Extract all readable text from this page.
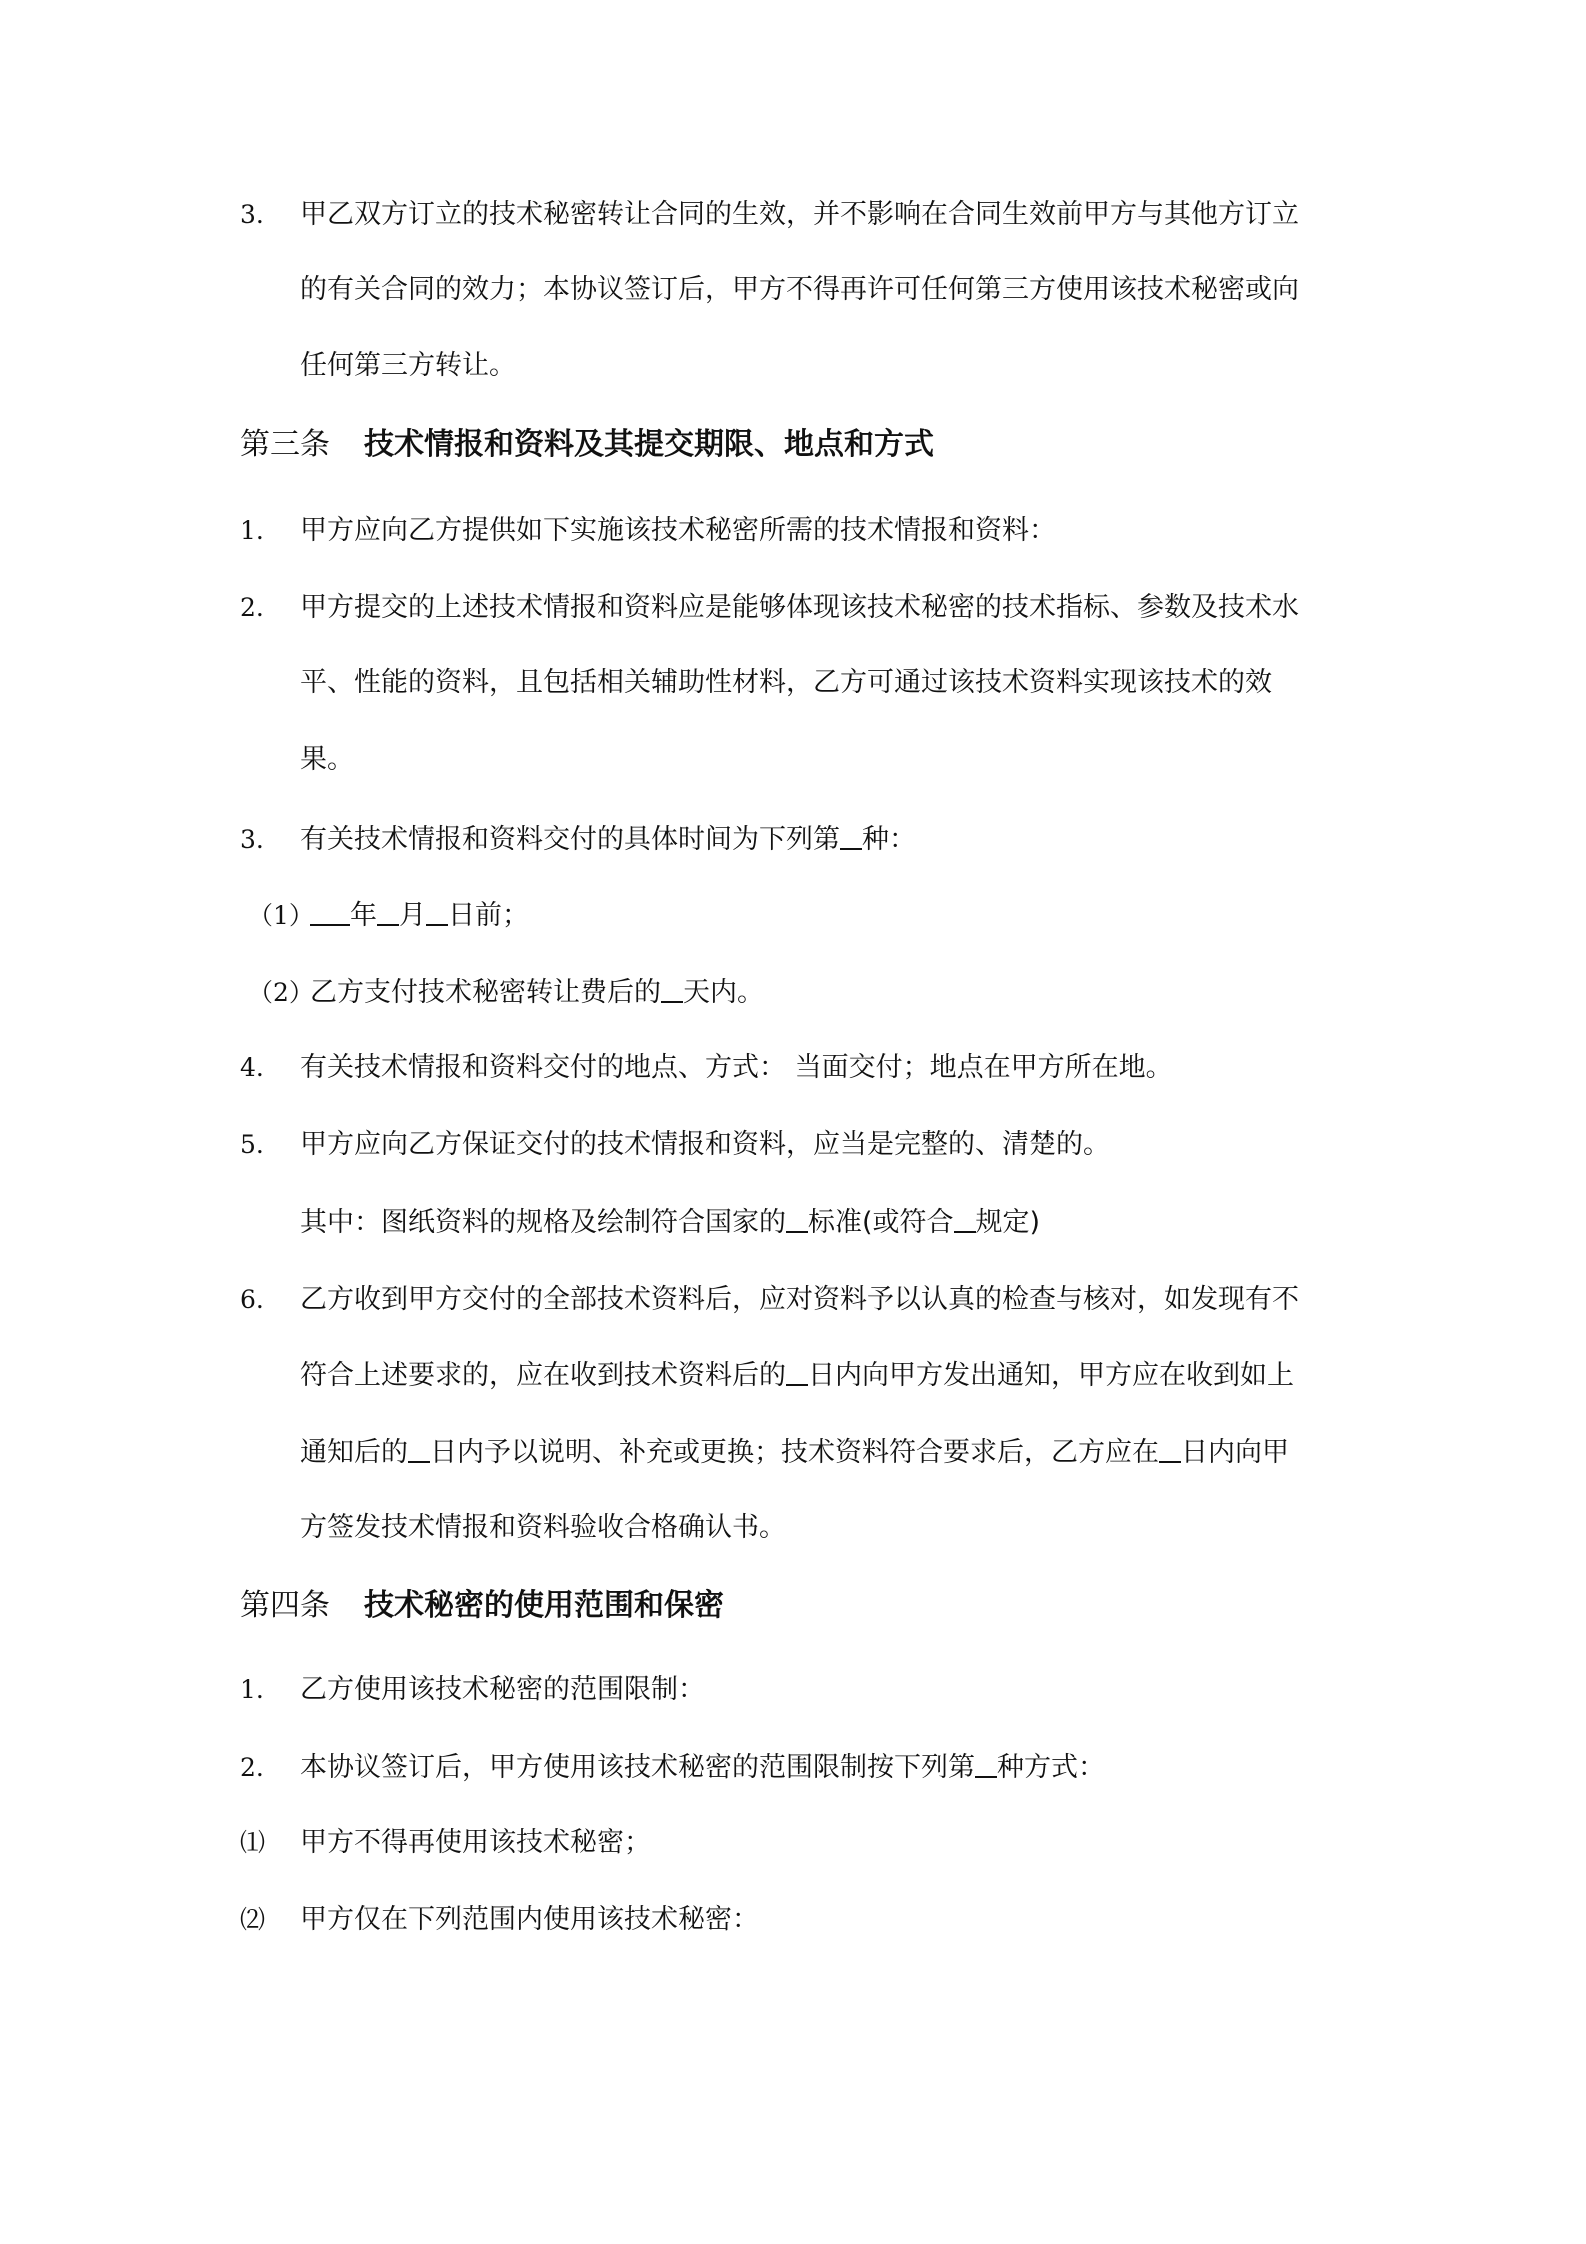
3. 甲乙双方订立的技术秘密转让合同的生效，并不影响在合同生效前甲方与其他方订立
的有关合同的效力；本协议签订后，甲方不得再许可任何第三方使用该技术秘密或向
任何第三方转让。
第三条 技术情报和资料及其提交期限、地点和方式
1. 甲方应向乙方提供如下实施该技术秘密所需的技术情报和资料：
2. 甲方提交的上述技术情报和资料应是能够体现该技术秘密的技术指标、参数及技术水
平、性能的资料，且包括相关辅助性材料，乙方可通过该技术资料实现该技术的效
果。
3. 有关技术情报和资料交付的具体时间为下列第 种：
（1）	年 月 日前；
（2）
乙方支付技术秘密转让费后的 天内。
4. 有关技术情报和资料交付的地点、方式： 当面交付；地点在甲方所在地。
5. 甲方应向乙方保证交付的技术情报和资料，应当是完整的、清楚的。
其中：图纸资料的规格及绘制符合国家的 标准(或符合 规定)
6. 乙方收到甲方交付的全部技术资料后，应对资料予以认真的检查与核对，如发现有不
符合上述要求的，应在收到技术资料后的 日内向甲方发出通知，甲方应在收到如上
通知后的 日内予以说明、补充或更换；技术资料符合要求后，乙方应在 日内向甲
方签发技术情报和资料验收合格确认书。
第四条 技术秘密的使用范围和保密
1. 乙方使用该技术秘密的范围限制：
2. 本协议签订后，甲方使用该技术秘密的范围限制按下列第 种方式：
⑴ 甲方不得再使用该技术秘密；
⑵ 甲方仅在下列范围内使用该技术秘密：
